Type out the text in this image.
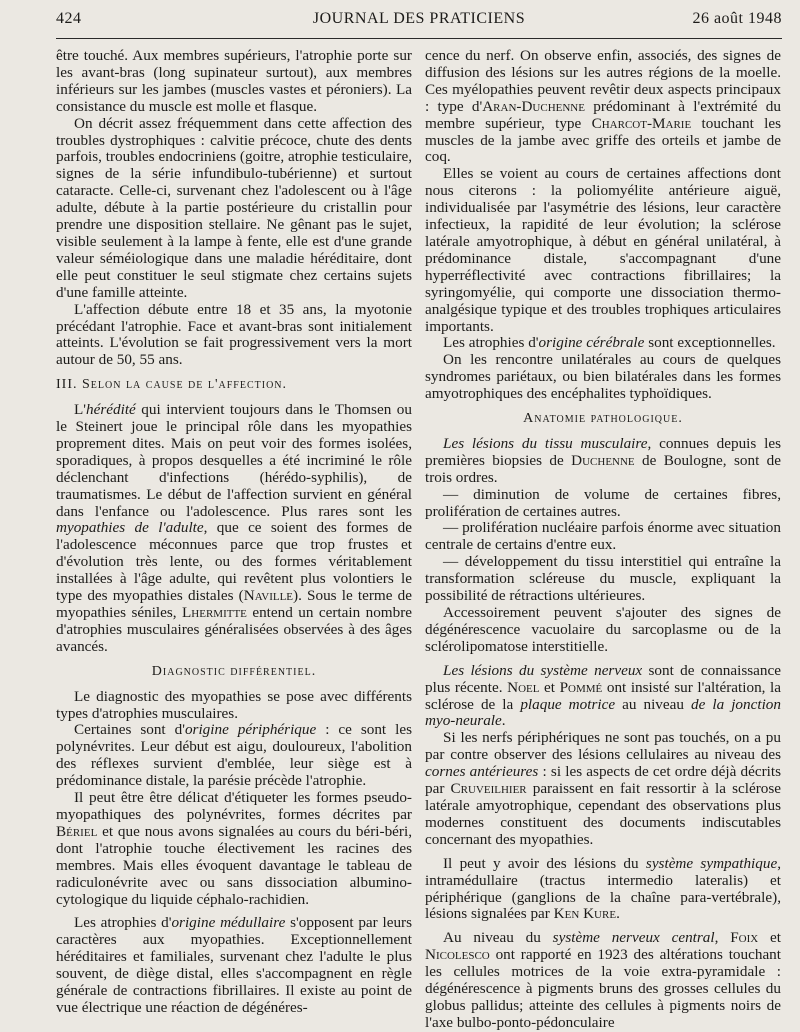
424	JOURNAL DES PRATICIENS	26 août 1948

être touché. Aux membres supérieurs, l'atrophie porte sur les avant-bras (long supinateur surtout), aux membres inférieurs sur les jambes (muscles vastes et péroniers). La consistance du muscle est molle et flasque.

On décrit assez fréquemment dans cette affection des troubles dystrophiques : calvitie précoce, chute des dents parfois, troubles endocriniens (goitre, atrophie testiculaire, signes de la série infundibulo-tubérienne) et surtout cataracte. Celle-ci, survenant chez l'adolescent ou à l'âge adulte, débute à la partie postérieure du cristallin pour prendre une disposition stellaire. Ne gênant pas le sujet, visible seulement à la lampe à fente, elle est d'une grande valeur séméiologique dans une maladie héréditaire, dont elle peut constituer le seul stigmate chez certains sujets d'une famille atteinte.

L'affection débute entre 18 et 35 ans, la myotonie précédant l'atrophie. Face et avant-bras sont initialement atteints. L'évolution se fait progressivement vers la mort autour de 50, 55 ans.

III. Selon la cause de l'affection.

L'hérédité qui intervient toujours dans le Thomsen ou le Steinert joue le principal rôle dans les myopathies proprement dites. Mais on peut voir des formes isolées, sporadiques, à propos desquelles a été incriminé le rôle déclenchant d'infections (hérédo-syphilis), de traumatismes. Le début de l'affection survient en général dans l'enfance ou l'adolescence. Plus rares sont les myopathies de l'adulte, que ce soient des formes de l'adolescence méconnues parce que trop frustes et d'évolution très lente, ou des formes véritablement installées à l'âge adulte, qui revêtent plus volontiers le type des myopathies distales (Naville). Sous le terme de myopathies séniles, Lhermitte entend un certain nombre d'atrophies musculaires généralisées observées à des âges avancés.

Diagnostic différentiel.

Le diagnostic des myopathies se pose avec différents types d'atrophies musculaires.

Certaines sont d'origine périphérique : ce sont les polynévrites. Leur début est aigu, douloureux, l'abolition des réflexes survient d'emblée, leur siège est à prédominance distale, la parésie précède l'atrophie.

Il peut être être délicat d'étiqueter les formes pseudo-myopathiques des polynévrites, formes décrites par Bériel et que nous avons signalées au cours du béri-béri, dont l'atrophie touche électivement les racines des membres. Mais elles évoquent davantage le tableau de radiculonévrite avec ou sans dissociation albumino-cytologique du liquide céphalo-rachidien.

Les atrophies d'origine médullaire s'opposent par leurs caractères aux myopathies. Exceptionnellement héréditaires et familiales, survenant chez l'adulte le plus souvent, de diège distal, elles s'accompagnent en règle générale de contractions fibrillaires. Il existe au point de vue électrique une réaction de dégénéres-

cence du nerf. On observe enfin, associés, des signes de diffusion des lésions sur les autres régions de la moelle. Ces myélopathies peuvent revêtir deux aspects principaux : type d'Aran-Duchenne prédominant à l'extrémité du membre supérieur, type Charcot-Marie touchant les muscles de la jambe avec griffe des orteils et jambe de coq.

Elles se voient au cours de certaines affections dont nous citerons : la poliomyélite antérieure aiguë, individualisée par l'asymétrie des lésions, leur caractère infectieux, la rapidité de leur évolution; la sclérose latérale amyotrophique, à début en général unilatéral, à prédominance distale, s'accompagnant d'une hyperréflectivité avec contractions fibrillaires; la syringomyélie, qui comporte une dissociation thermo-analgésique typique et des troubles trophiques articulaires importants.

Les atrophies d'origine cérébrale sont exceptionnelles.

On les rencontre unilatérales au cours de quelques syndromes pariétaux, ou bien bilatérales dans les formes amyotrophiques des encéphalites typhoïdiques.

Anatomie pathologique.

Les lésions du tissu musculaire, connues depuis les premières biopsies de Duchenne de Boulogne, sont de trois ordres.

— diminution de volume de certaines fibres, prolifération de certaines autres.

— prolifération nucléaire parfois énorme avec situation centrale de certains d'entre eux.

— développement du tissu interstitiel qui entraîne la transformation scléreuse du muscle, expliquant la possibilité de rétractions ultérieures.

Accessoirement peuvent s'ajouter des signes de dégénérescence vacuolaire du sarcoplasme ou de la sclérolipomatose interstitielle.

Les lésions du système nerveux sont de connaissance plus récente. Noel et Pommé ont insisté sur l'altération, la sclérose de la plaque motrice au niveau de la jonction myo-neurale.

Si les nerfs périphériques ne sont pas touchés, on a pu par contre observer des lésions cellulaires au niveau des cornes antérieures : si les aspects de cet ordre déjà décrits par Cruveilhier paraissent en fait ressortir à la sclérose latérale amyotrophique, cependant des observations plus modernes constituent des documents indiscutables concernant des myopathies.

Il peut y avoir des lésions du système sympathique, intramédullaire (tractus intermedio lateralis) et périphérique (ganglions de la chaîne para-vertébrale), lésions signalées par Ken Kure.

Au niveau du système nerveux central, Foix et Nicolesco ont rapporté en 1923 des altérations touchant les cellules motrices de la voie extra-pyramidale : dégénérescence à pigments bruns des grosses cellules du globus pallidus; atteinte des cellules à pigments noirs de l'axe bulbo-ponto-pédonculaire
